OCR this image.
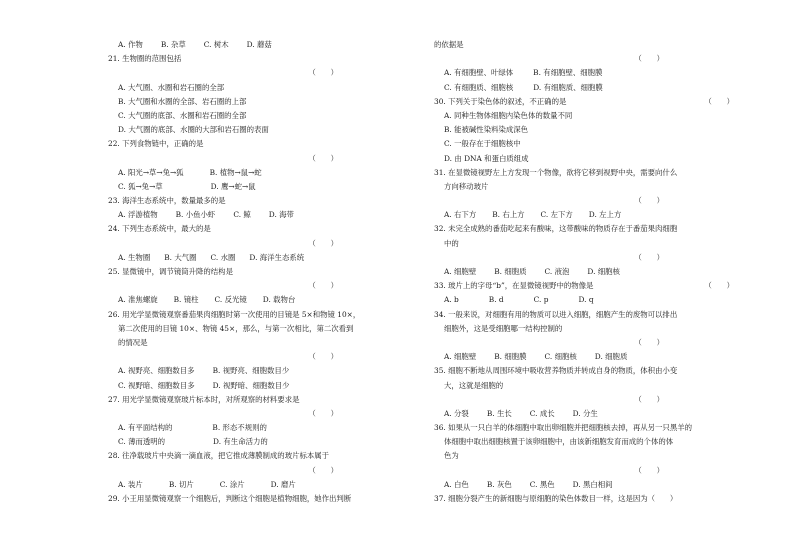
A. 作物 B. 杂草 C. 树木 D. 蘑菇
21. 生物圈的范围包括
（　　）
A. 大气圈、水圈和岩石圈的全部
B. 大气圈和水圈的全部、岩石圈的上部
C. 大气圈的底部、水圈和岩石圈的全部
D. 大气圈的底部、水圈的大部和岩石圈的表面
22. 下列食物链中，正确的是
（　　）
A. 阳光→草→兔→狐	B. 植物→鼠→蛇
C. 狐→兔→草	D. 鹰→蛇→鼠
23. 海洋生态系统中，数量最多的是
A. 浮游植物 B. 小鱼小虾 C. 鲸 D. 海带
24. 下列生态系统中，最大的是
（　　）
A. 生物圈 B. 大气圈 C. 水圈 D. 海洋生态系统
25. 显微镜中，调节镜筒升降的结构是
（　　）
A. 准焦螺旋 B. 镜柱 C. 反光镜 D. 载物台
26. 用光学显微镜观察番茄果肉细胞时第一次使用的目镜是 5×和物镜 10×，
第二次使用的目镜 10×、物镜 45×，那么，与第一次相比，第二次看到
的情况是
（　　）
A. 视野亮、细胞数目多 B. 视野亮、细胞数目少
C. 视野暗、细胞数目多 D. 视野暗、细胞数目少
27. 用光学显微镜观察玻片标本时，对所观察的材料要求是
（　　）
A. 有平面结构的	B. 形态不规则的
C. 薄而透明的	D. 有生命活力的
28. 往净载玻片中央滴一滴血液，把它推成薄膜制成的玻片标本属于
（　　）
A. 装片	B. 切片	C. 涂片	D. 磨片
29. 小王用显微镜观察一个细胞后，判断这个细胞是植物细胞，她作出判断
的依据是
（　　）
A. 有细胞壁、叶绿体	B. 有细胞壁、细胞膜
C. 有细胞质、细胞核	D. 有细胞质、细胞膜
30. 下列关于染色体的叙述，不正确的是	（　　）
A. 同种生物体细胞内染色体的数量不同
B. 能被碱性染料染成深色
C. 一般存在于细胞核中
D. 由 DNA 和蛋白质组成
31. 在显微镜视野左上方发现一个物像，欲将它移到视野中央，需要向什么
方向移动玻片
（　　）
A. 右下方 B. 右上方 C. 左下方 D. 左上方
32. 未完全成熟的番茄吃起来有酸味，这带酸味的物质存在于番茄果肉细胞
中的
（　　）
A. 细胞壁 B. 细胞质 C. 液泡 D. 细胞核
33. 玻片上的字母“b”，在显微镜视野中的物像是	（　　）
A. b	B. d	C. p	D. q
34. 一般来说，对细胞有用的物质可以进入细胞，细胞产生的废物可以排出
细胞外，这是受细胞哪一结构控制的
（　　）
A. 细胞壁 B. 细胞膜 C. 细胞核 D. 细胞质
35. 细胞不断地从周围环境中吸收营养物质并转成自身的物质，体积由小变
大，这就是细胞的
（　　）
A. 分裂 B. 生长 C. 成长 D. 分生
36. 如果从一只白羊的体细胞中取出卵细胞并把细胞核去掉，再从另一只黑羊的
体细胞中取出细胞核置于该卵细胞中，由该新细胞发育而成的个体的体
色为
（　　）
A. 白色 B. 灰色 C. 黑色 D. 黑白相间
37. 细胞分裂产生的新细胞与原细胞的染色体数目一样，这是因为（　　）
